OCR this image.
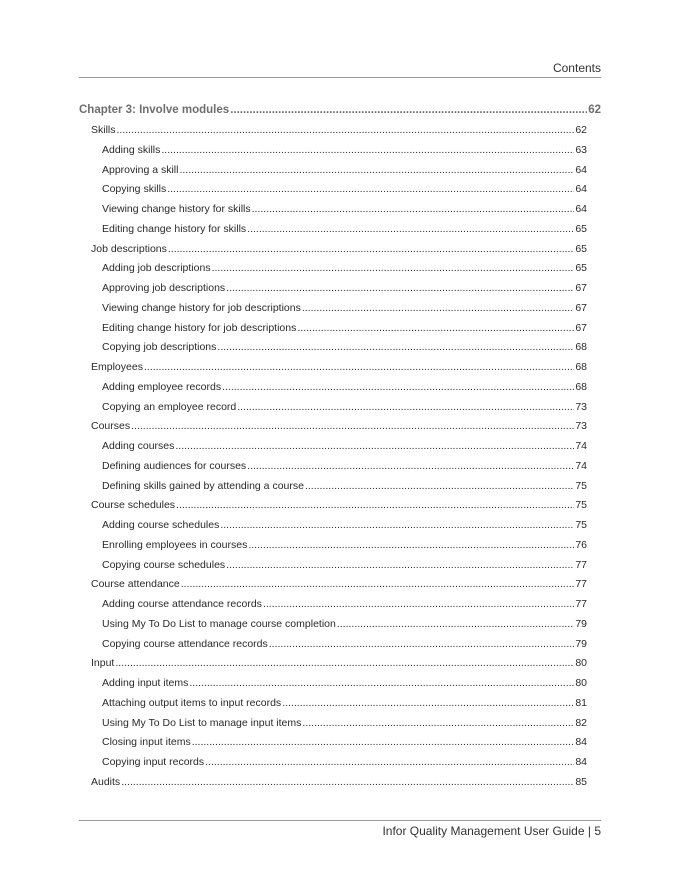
Contents
Chapter 3: Involve modules .....	62
Skills .....	62
Adding skills .....	63
Approving a skill .....	64
Copying skills .....	64
Viewing change history for skills .....	64
Editing change history for skills .....	65
Job descriptions .....	65
Adding job descriptions .....	65
Approving job descriptions .....	67
Viewing change history for job descriptions .....	67
Editing change history for job descriptions .....	67
Copying job descriptions .....	68
Employees .....	68
Adding employee records .....	68
Copying an employee record .....	73
Courses .....	73
Adding courses .....	74
Defining audiences for courses .....	74
Defining skills gained by attending a course .....	75
Course schedules .....	75
Adding course schedules .....	75
Enrolling employees in courses .....	76
Copying course schedules .....	77
Course attendance .....	77
Adding course attendance records .....	77
Using My To Do List to manage course completion .....	79
Copying course attendance records .....	79
Input .....	80
Adding input items .....	80
Attaching output items to input records .....	81
Using My To Do List to manage input items .....	82
Closing input items .....	84
Copying input records .....	84
Audits .....	85
Infor Quality Management User Guide | 5
